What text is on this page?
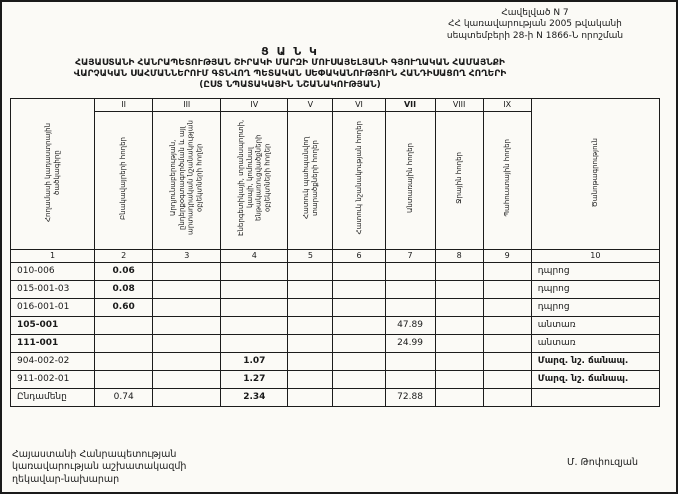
Հավելված N 7
ՀՀ կառավարության 2005 թվականի
սեպտեմբերի 28-ի N 1866-Ն որոշման
Ց Ա Ն Կ
ՀԱՅԱՍՏԱՆԻ ՀԱՆՐԱՊԵՏՈՒԹՅԱՆ ՇԻՐԱԿԻ ՄԱՐԶԻ ՄՈՒՍԱՅԵԼՅԱՆԻ ԳՅՈՒՂԱԿԱՆ ՀԱՄԱՅՆՔԻ
ՎԱՐՉԱԿԱՆ ՍԱՀՄԱՆՆԵՐՈՒՄ ԳՏՆՎՈՂ ՊԵՏԱԿԱՆ ՍԵՓԱԿԱՆՈՒԹՅՈՒՆ ՀԱՆԴԻՍԱՑՈՂ ՀՈՂԵՐԻ
(ԸՍՏ ՆՊԱՏԱԿԱՅԻՆ ՆՇԱՆԱԿՈՒԹՅԱՆ)
Հողամասի կադաստրային ծածկագիրը	II	III	IV	V	VI	VII	VIII	IX	Ծանոթագրություն
	Բնակավայրերի հողեր	Արդյունաբերության, ընդերքօգտագործման և այլ արտադրական նշանակության օբյեկտների հողեր	Էներգետիկայի, տրանսպորտի, կապի, կոմունալ ենթակառուցվածքների օբյեկտների հողեր	Հատուկ պահպանվող տարածքների հողեր	Հատուկ նշանակության հողեր	Անտառային հողեր	Ջրային հողեր	Պահուստային հողեր	
1	2	3	4	5	6	7	8	9	10
010-006	0.06								դպրոց
015-001-03	0.08								դպրոց
016-001-01	0.60								դպրոց
105-001						47.89			անտառ
111-001						24.99			անտառ
904-002-02			1.07						Մարզ. նշ. ճանապ.
911-002-01			1.27						Մարզ. նշ. ճանապ.
Ընդամենը	0.74		2.34			72.88			
Հայաստանի Հանրապետության
կառավարության աշխատակազմի
ղեկավար-նախարար
Մ. Թոփուզյան
